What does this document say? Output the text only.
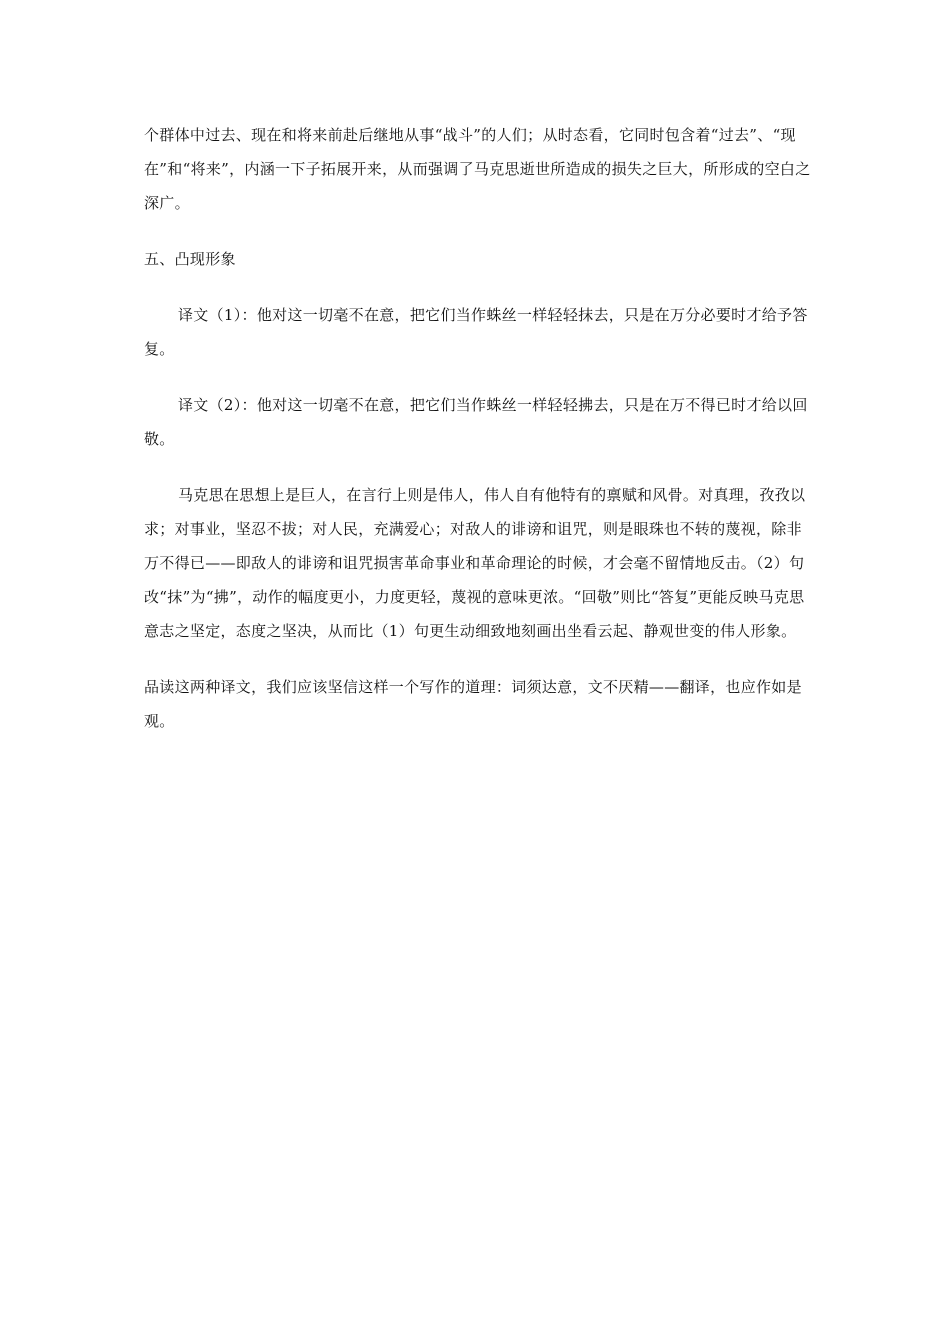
个群体中过去、现在和将来前赴后继地从事“战斗”的人们；从时态看，它同时包含着“过去”、“现在”和“将来”，内涵一下子拓展开来，从而强调了马克思逝世所造成的损失之巨大，所形成的空白之深广。

五、凸现形象

译文（1）：他对这一切毫不在意，把它们当作蛛丝一样轻轻抹去，只是在万分必要时才给予答复。

译文（2）：他对这一切毫不在意，把它们当作蛛丝一样轻轻拂去，只是在万不得已时才给以回敬。

马克思在思想上是巨人，在言行上则是伟人，伟人自有他特有的禀赋和风骨。对真理，孜孜以求；对事业，坚忍不拔；对人民，充满爱心；对敌人的诽谤和诅咒，则是眼珠也不转的蔑视，除非万不得已——即敌人的诽谤和诅咒损害革命事业和革命理论的时候，才会毫不留情地反击。（2）句改“抹”为“拂”，动作的幅度更小，力度更轻，蔑视的意味更浓。“回敬”则比“答复”更能反映马克思意志之坚定，态度之坚决，从而比（1）句更生动细致地刻画出坐看云起、静观世变的伟人形象。

品读这两种译文，我们应该坚信这样一个写作的道理：词须达意，文不厌精——翻译，也应作如是观。
